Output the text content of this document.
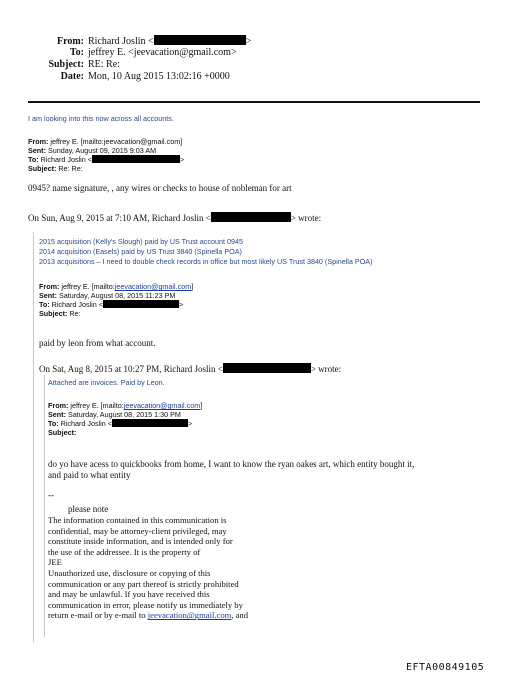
From: Richard Joslin <	>
To: jeffrey E. <jeevacation@gmail.com>
Subject: RE: Re:
Date: Mon, 10 Aug 2015 13:02:16 +0000
I am looking into this now across all accounts.
From: jeffrey E. [mailto:jeevacation@gmail.com]
Sent: Sunday, August 09, 2015 9:03 AM
To: Richard Joslin <	>
Subject: Re: Re:
0945? name signature, , any wires or checks to house of nobleman for art
On Sun, Aug 9, 2015 at 7:10 AM, Richard Joslin <	> wrote:
2015 acquisition (Kelly's Slough) paid by US Trust account 0945
2014 acquisition (Easels) paid by US Trust 3840 (Spinella POA)
2013 acquisitions – I need to double check records in office but most likely US Trust 3840 (Spinella POA)
From: jeffrey E. [mailto:jeevacation@gmail.com]
Sent: Saturday, August 08, 2015 11:23 PM
To: Richard Joslin <	>
Subject: Re:
paid by leon from what account.
On Sat, Aug 8, 2015 at 10:27 PM, Richard Joslin <	> wrote:
Attached are invoices. Paid by Leon.
From: jeffrey E. [mailto:jeevacation@gmail.com]
Sent: Saturday, August 08, 2015 1:30 PM
To: Richard Joslin <	>
Subject:
do yo have acess to quickbooks from home, I want to know the ryan oakes art, which entity bought it,
and paid to what entity
--
please note
The information contained in this communication is
confidential, may be attorney-client privileged, may
constitute inside information, and is intended only for
the use of the addressee. It is the property of
JEE
Unauthorized use, disclosure or copying of this
communication or any part thereof is strictly prohibited
and may be unlawful. If you have received this
communication in error, please notify us immediately by
return e-mail or by e-mail to jeevacation@gmail.com, and
EFTA00849105
